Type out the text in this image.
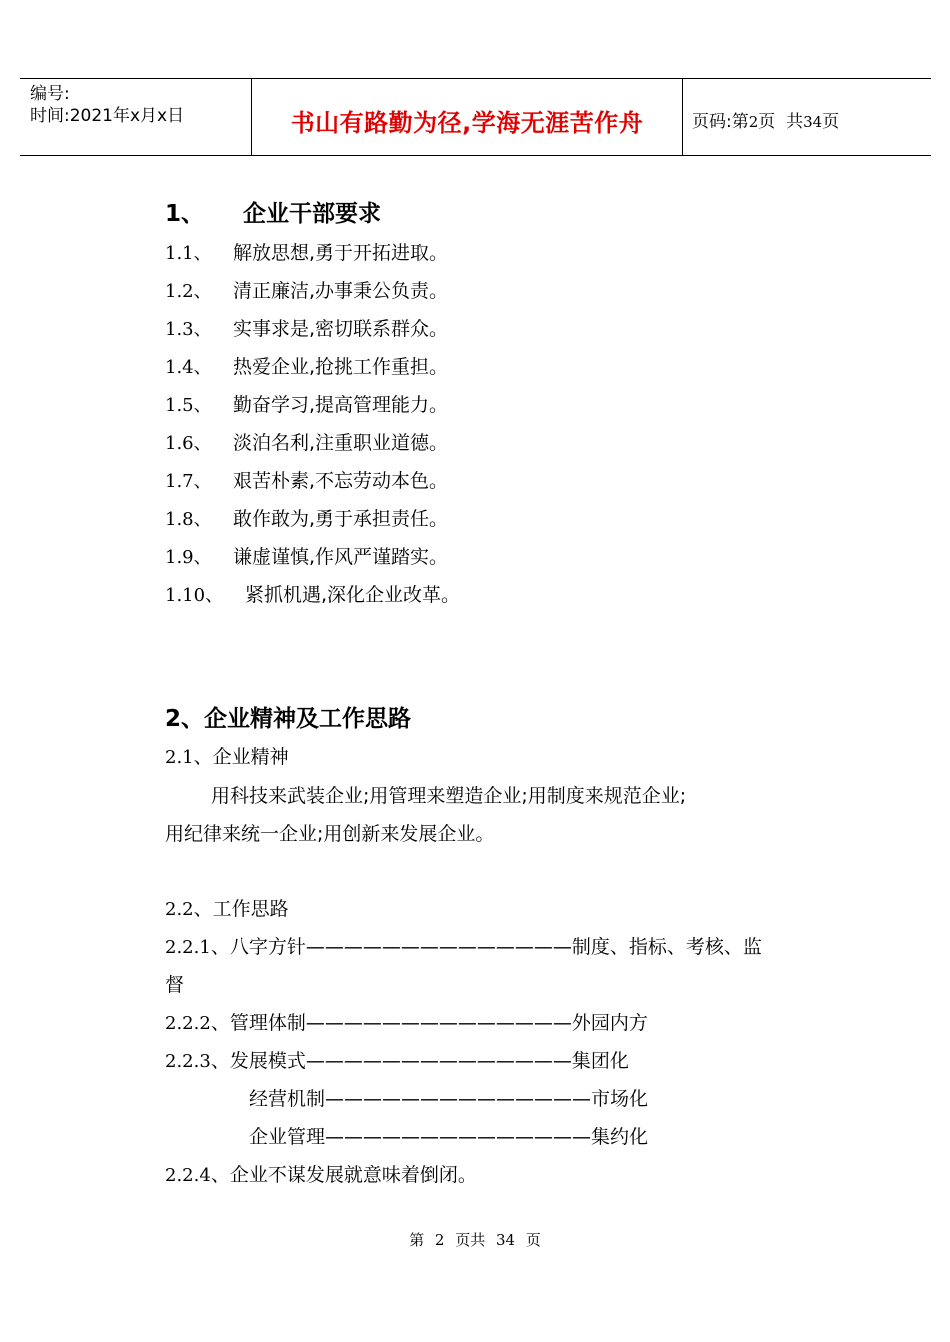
编号:
时间:2021年x月x日	书山有路勤为径,学海无涯苦作舟	页码:第2页  共34页
1、 企业干部要求
1.1、 解放思想,勇于开拓进取。
1.2、 清正廉洁,办事秉公负责。
1.3、 实事求是,密切联系群众。
1.4、 热爱企业,抢挑工作重担。
1.5、 勤奋学习,提高管理能力。
1.6、 淡泊名利,注重职业道德。
1.7、 艰苦朴素,不忘劳动本色。
1.8、 敢作敢为,勇于承担责任。
1.9、 谦虚谨慎,作风严谨踏实。
1.10、 紧抓机遇,深化企业改革。
2、企业精神及工作思路
2.1、企业精神
用科技来武装企业;用管理来塑造企业;用制度来规范企业;
用纪律来统一企业;用创新来发展企业。
2.2、工作思路
2.2.1、八字方针——————————————制度、指标、考核、监
督
2.2.2、管理体制——————————————外园内方
2.2.3、发展模式——————————————集团化
经营机制——————————————市场化
企业管理——————————————集约化
2.2.4、企业不谋发展就意味着倒闭。
第 2 页共 34 页
